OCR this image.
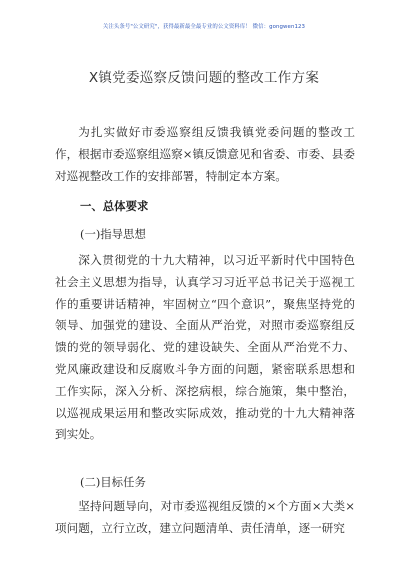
关注头条号"公文研究"，获得最新最全最专业的公文资料库！ 微信：gongwen123
X镇党委巡察反馈问题的整改工作方案
为扎实做好市委巡察组反馈我镇党委问题的整改工作，根据市委巡察组巡察×镇反馈意见和省委、市委、县委对巡视整改工作的安排部署，特制定本方案。
一、总体要求
(一)指导思想
深入贯彻党的十九大精神，以习近平新时代中国特色社会主义思想为指导，认真学习习近平总书记关于巡视工作的重要讲话精神，牢固树立“四个意识”，聚焦坚持党的领导、加强党的建设、全面从严治党，对照市委巡察组反馈的党的领导弱化、党的建设缺失、全面从严治党不力、党风廉政建设和反腐败斗争方面的问题，紧密联系思想和工作实际，深入分析、深挖病根，综合施策，集中整治，以巡视成果运用和整改实际成效，推动党的十九大精神落到实处。
(二)目标任务
坚持问题导向，对市委巡视组反馈的×个方面×大类×项问题，立行立改，建立问题清单、责任清单，逐一研究
